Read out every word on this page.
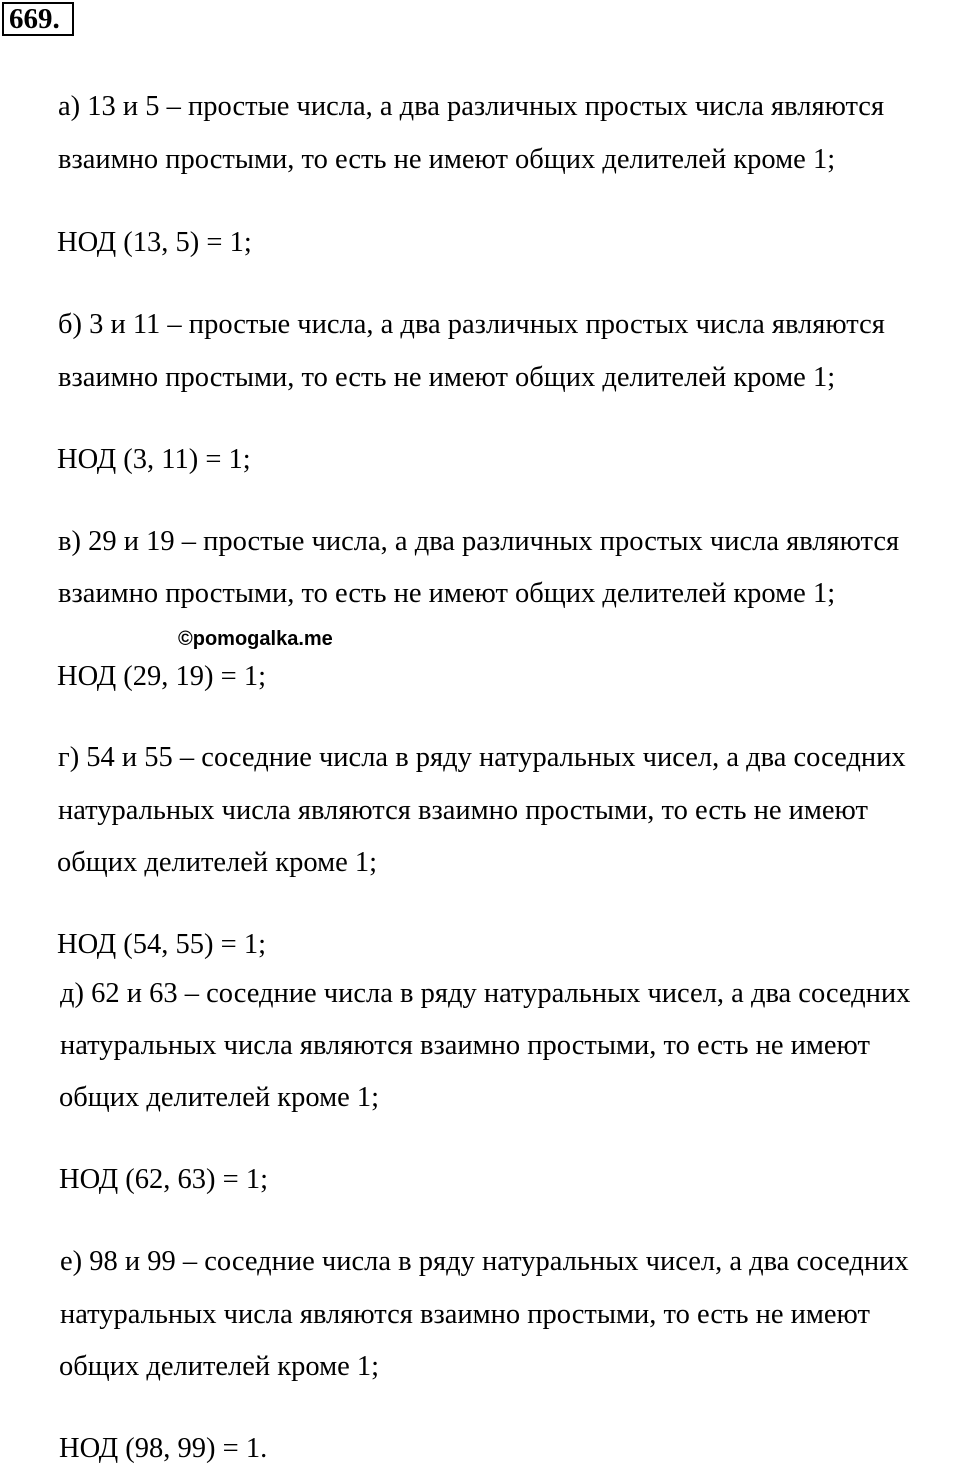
669.
а) 13 и 5 – простые числа, а два различных простых числа являются
взаимно простыми, то есть не имеют общих делителей кроме 1;
НОД (13, 5) = 1;
б) 3 и 11 – простые числа, а два различных простых числа являются
взаимно простыми, то есть не имеют общих делителей кроме 1;
НОД (3, 11) = 1;
в) 29 и 19 – простые числа, а два различных простых числа являются
взаимно простыми, то есть не имеют общих делителей кроме 1;
©pomogalka.me
НОД (29, 19) = 1;
г) 54 и 55 – соседние числа в ряду натуральных чисел, а два соседних
натуральных числа являются взаимно простыми, то есть не имеют
общих делителей кроме 1;
НОД (54, 55) = 1;
д) 62 и 63 – соседние числа в ряду натуральных чисел, а два соседних
натуральных числа являются взаимно простыми, то есть не имеют
общих делителей кроме 1;
НОД (62, 63) = 1;
е) 98 и 99 – соседние числа в ряду натуральных чисел, а два соседних
натуральных числа являются взаимно простыми, то есть не имеют
общих делителей кроме 1;
НОД (98, 99) = 1.
